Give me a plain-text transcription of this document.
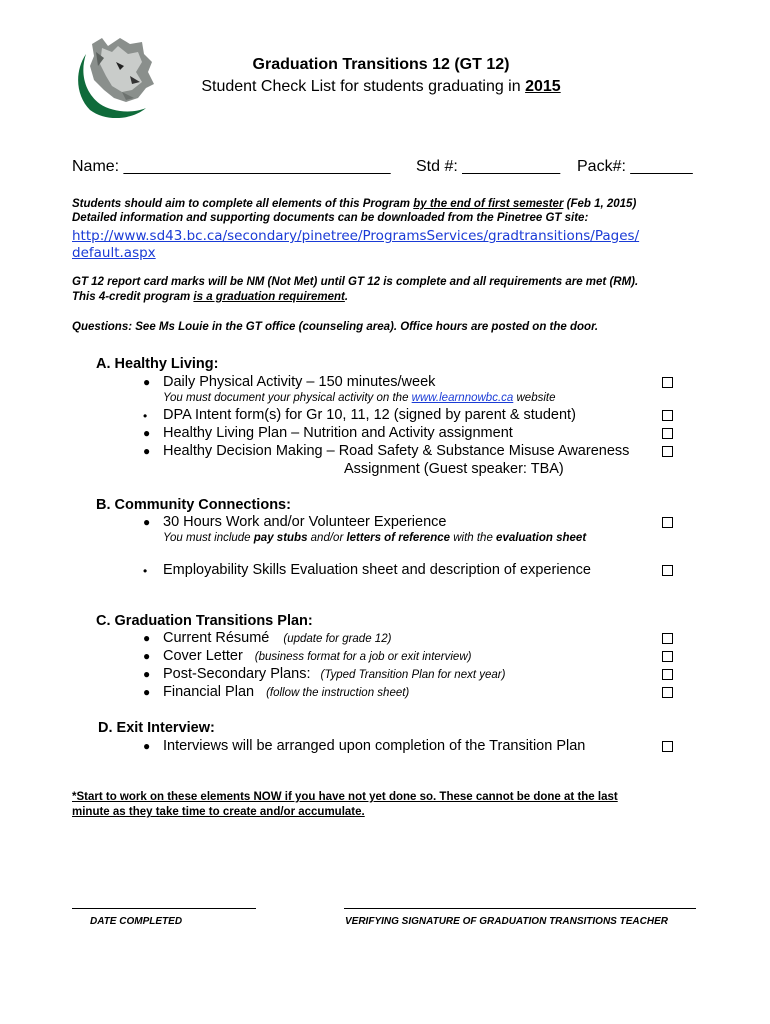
Graduation Transitions 12 (GT 12)
Student Check List for students graduating in 2015
Name: ______________________________ Std #: ___________ Pack#: _______
Students should aim to complete all elements of this Program by the end of first semester (Feb 1, 2015)
Detailed information and supporting documents can be downloaded from the Pinetree GT site:
http://www.sd43.bc.ca/secondary/pinetree/ProgramsServices/gradtransitions/Pages/
default.aspx
GT 12 report card marks will be NM (Not Met) until GT 12 is complete and all requirements are met (RM).
This 4-credit program is a graduation requirement.
Questions: See Ms Louie in the GT office (counseling area). Office hours are posted on the door.
A. Healthy Living:
● Daily Physical Activity – 150 minutes/week
You must document your physical activity on the www.learnnowbc.ca website
• DPA Intent form(s) for Gr 10, 11, 12 (signed by parent & student)
● Healthy Living Plan – Nutrition and Activity assignment
● Healthy Decision Making – Road Safety & Substance Misuse Awareness
Assignment (Guest speaker: TBA)
B. Community Connections:
● 30 Hours Work and/or Volunteer Experience
You must include pay stubs and/or letters of reference with the evaluation sheet
• Employability Skills Evaluation sheet and description of experience
C. Graduation Transitions Plan:
● Current Résumé (update for grade 12)
● Cover Letter (business format for a job or exit interview)
● Post-Secondary Plans: (Typed Transition Plan for next year)
● Financial Plan (follow the instruction sheet)
D. Exit Interview:
● Interviews will be arranged upon completion of the Transition Plan
*Start to work on these elements NOW if you have not yet done so. These cannot be done at the last
minute as they take time to create and/or accumulate.
DATE COMPLETED	VERIFYING SIGNATURE OF GRADUATION TRANSITIONS TEACHER
